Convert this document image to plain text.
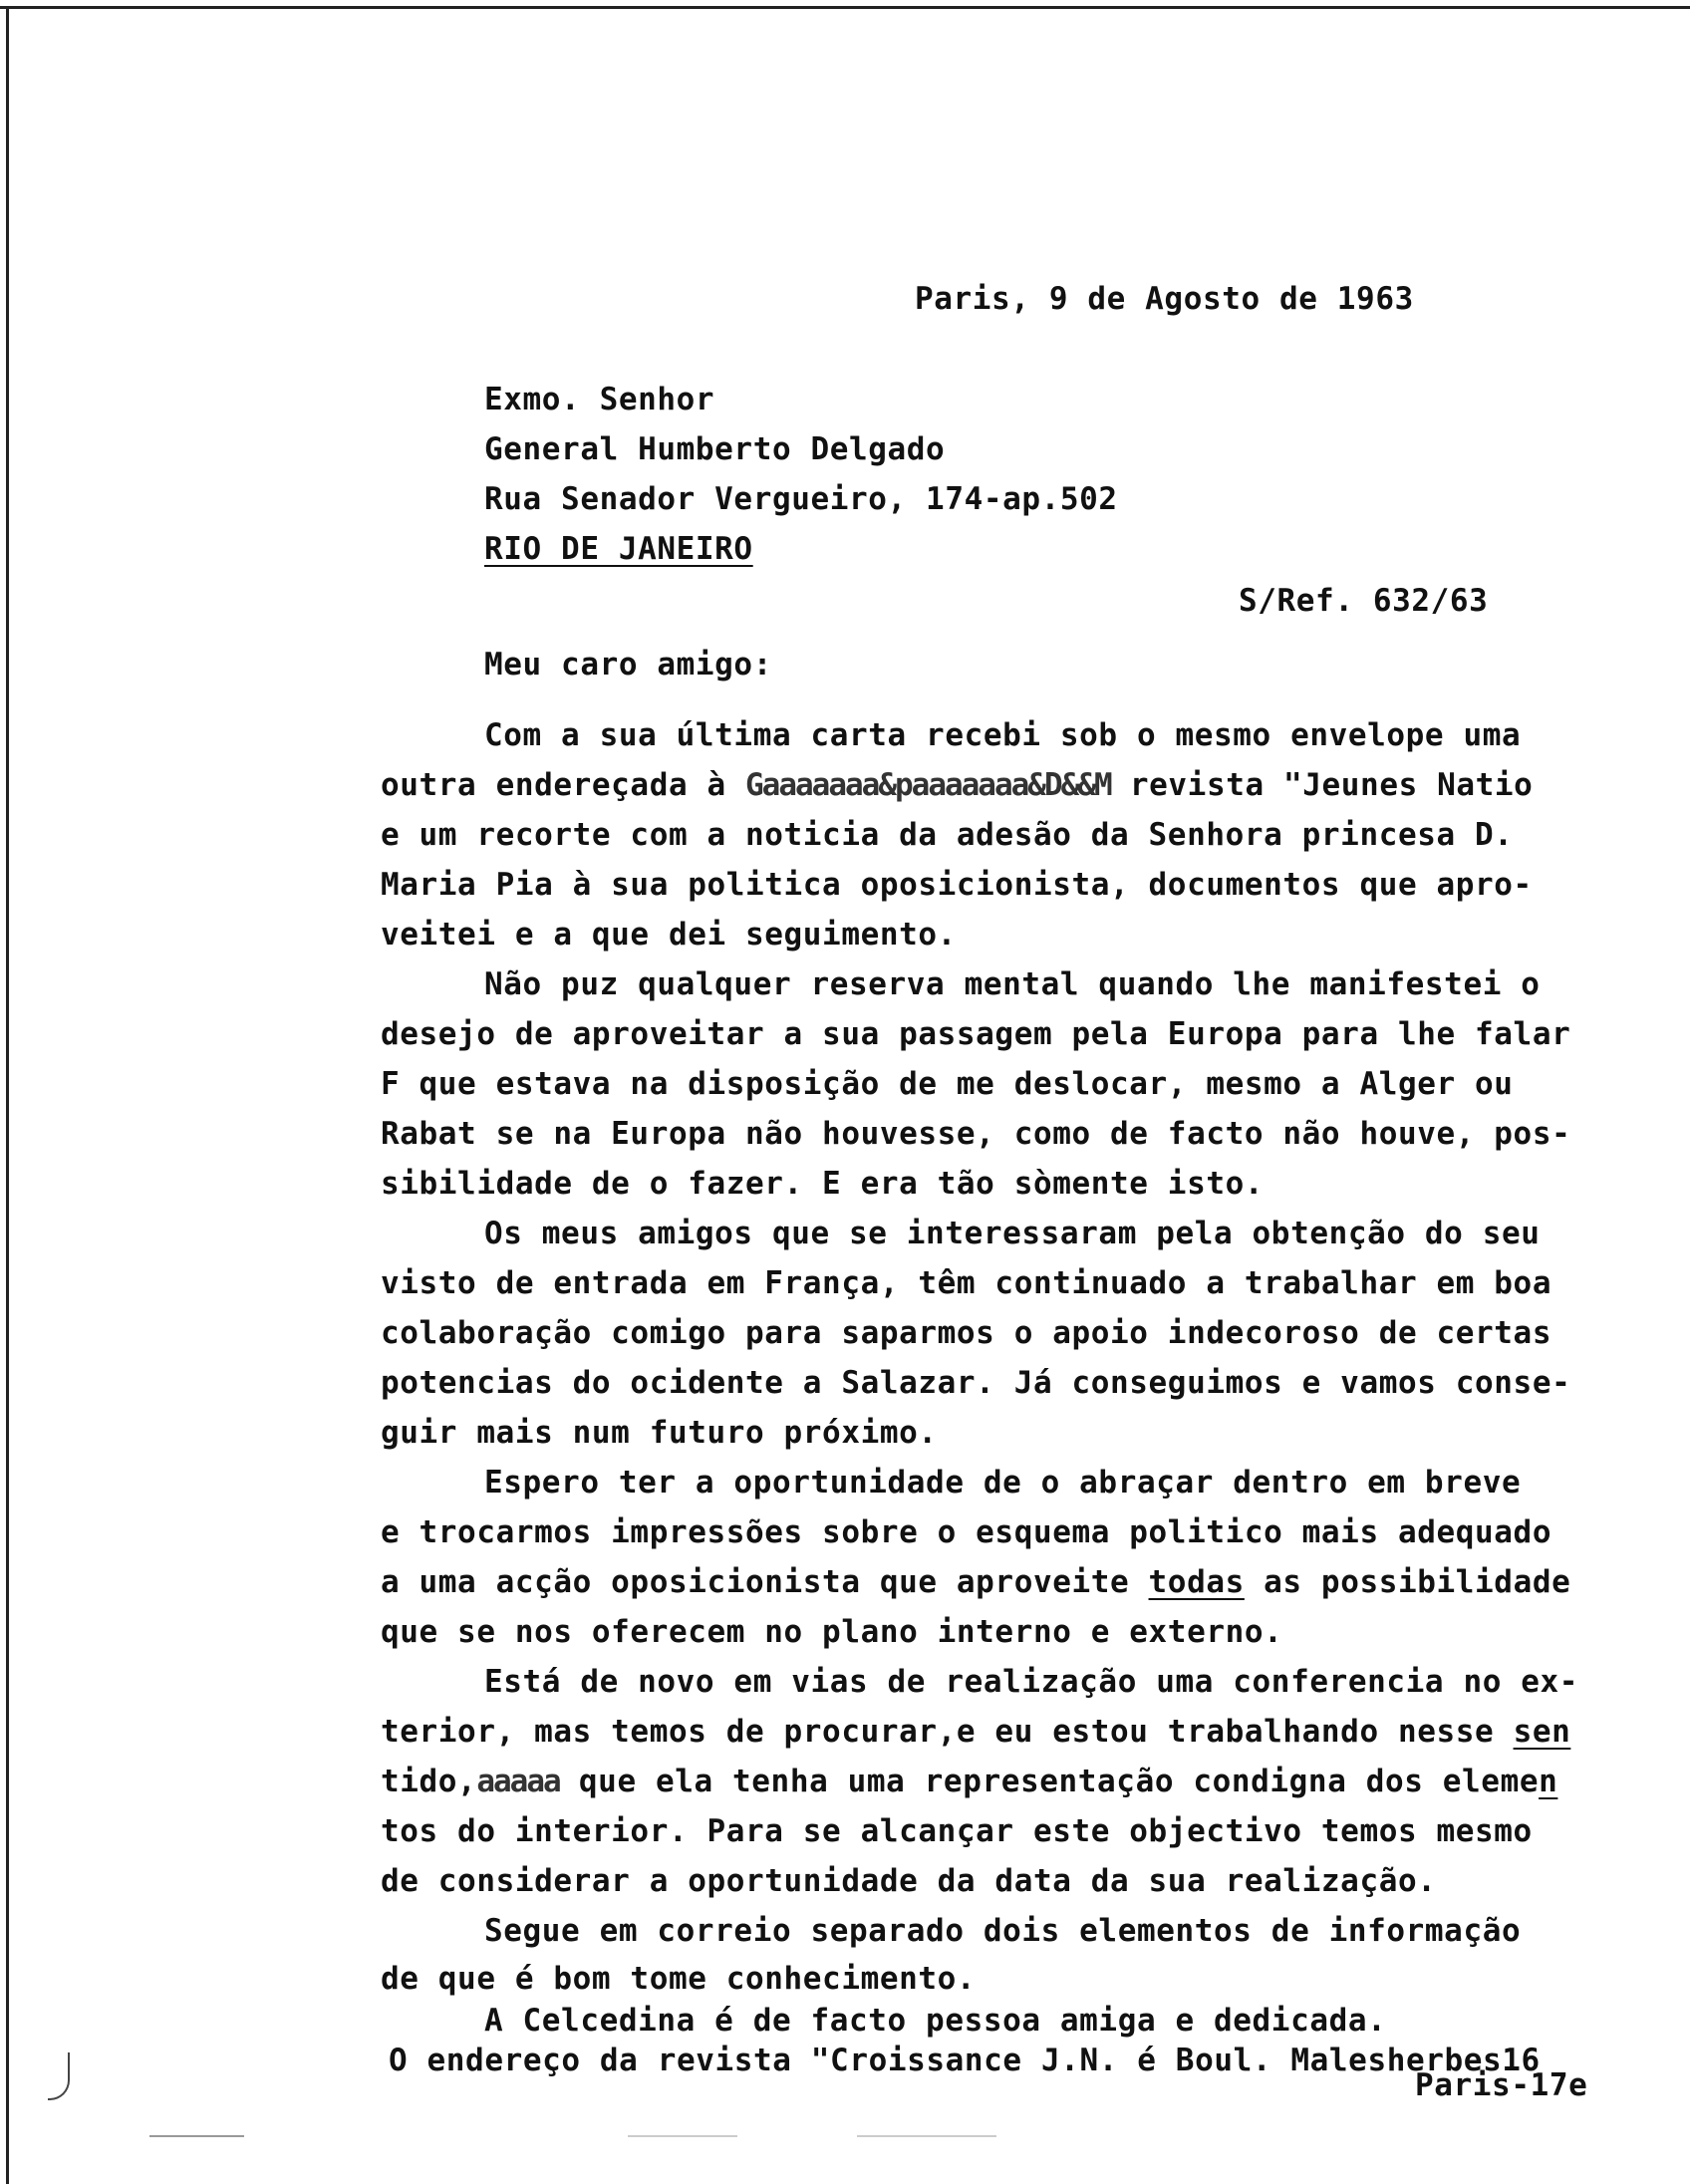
Paris, 9 de Agosto de 1963
Exmo. Senhor
General Humberto Delgado
Rua Senador Vergueiro, 174-ap.502
RIO DE JANEIRO
S/Ref. 632/63
Meu caro amigo:
Com a sua última carta recebi sob o mesmo envelope uma
outra endereçada à Gaaaaaaa&paaaaaaa&D&&M revista "Jeunes Natio
e um recorte com a noticia da adesão da Senhora princesa D.
Maria Pia à sua politica oposicionista, documentos que apro-
veitei e a que dei seguimento.
Não puz qualquer reserva mental quando lhe manifestei o
desejo de aproveitar a sua passagem pela Europa para lhe falar
F que estava na disposição de me deslocar, mesmo a Alger ou
Rabat se na Europa não houvesse, como de facto não houve, pos-
sibilidade de o fazer. E era tão sòmente isto.
Os meus amigos que se interessaram pela obtenção do seu
visto de entrada em França, têm continuado a trabalhar em boa
colaboração comigo para saparmos o apoio indecoroso de certas
potencias do ocidente a Salazar. Já conseguimos e vamos conse-
guir mais num futuro próximo.
Espero ter a oportunidade de o abraçar dentro em breve
e trocarmos impressões sobre o esquema politico mais adequado
a uma acção oposicionista que aproveite todas as possibilidade
que se nos oferecem no plano interno e externo.
Está de novo em vias de realização uma conferencia no ex-
terior, mas temos de procurar,e eu estou trabalhando nesse sen
tido,aaaaa que ela tenha uma representação condigna dos elemen
tos do interior. Para se alcançar este objectivo temos mesmo
de considerar a oportunidade da data da sua realização.
Segue em correio separado dois elementos de informação
de que é bom tome conhecimento.
A Celcedina é de facto pessoa amiga e dedicada.
O endereço da revista "Croissance J.N. é Boul. Malesherbes16
Paris-17e
